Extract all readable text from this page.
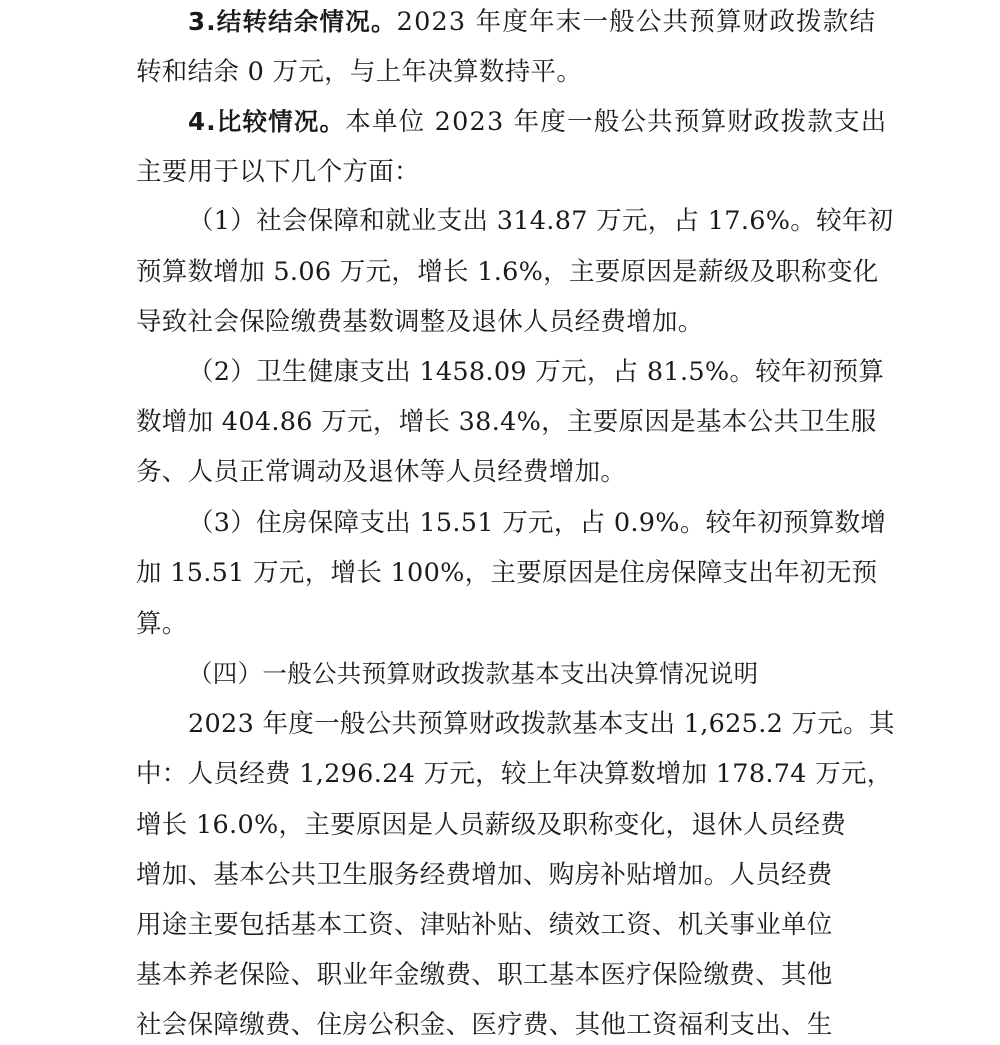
3.结转结余情况。2023 年度年末一般公共预算财政拨款结
转和结余 0 万元，与上年决算数持平。
4.比较情况。本单位 2023 年度一般公共预算财政拨款支出
主要用于以下几个方面：
（1）社会保障和就业支出 314.87 万元，占 17.6%。较年初
预算数增加 5.06 万元，增长 1.6%，主要原因是薪级及职称变化
导致社会保险缴费基数调整及退休人员经费增加。
（2）卫生健康支出 1458.09 万元，占 81.5%。较年初预算
数增加 404.86 万元，增长 38.4%，主要原因是基本公共卫生服
务、人员正常调动及退休等人员经费增加。
（3）住房保障支出 15.51 万元，占 0.9%。较年初预算数增
加 15.51 万元，增长 100%，主要原因是住房保障支出年初无预
算。
（四）一般公共预算财政拨款基本支出决算情况说明
2023 年度一般公共预算财政拨款基本支出 1,625.2 万元。其
中：人员经费 1,296.24 万元，较上年决算数增加 178.74 万元，
增长 16.0%，主要原因是人员薪级及职称变化，退休人员经费
增加、基本公共卫生服务经费增加、购房补贴增加。人员经费
用途主要包括基本工资、津贴补贴、绩效工资、机关事业单位
基本养老保险、职业年金缴费、职工基本医疗保险缴费、其他
社会保障缴费、住房公积金、医疗费、其他工资福利支出、生
